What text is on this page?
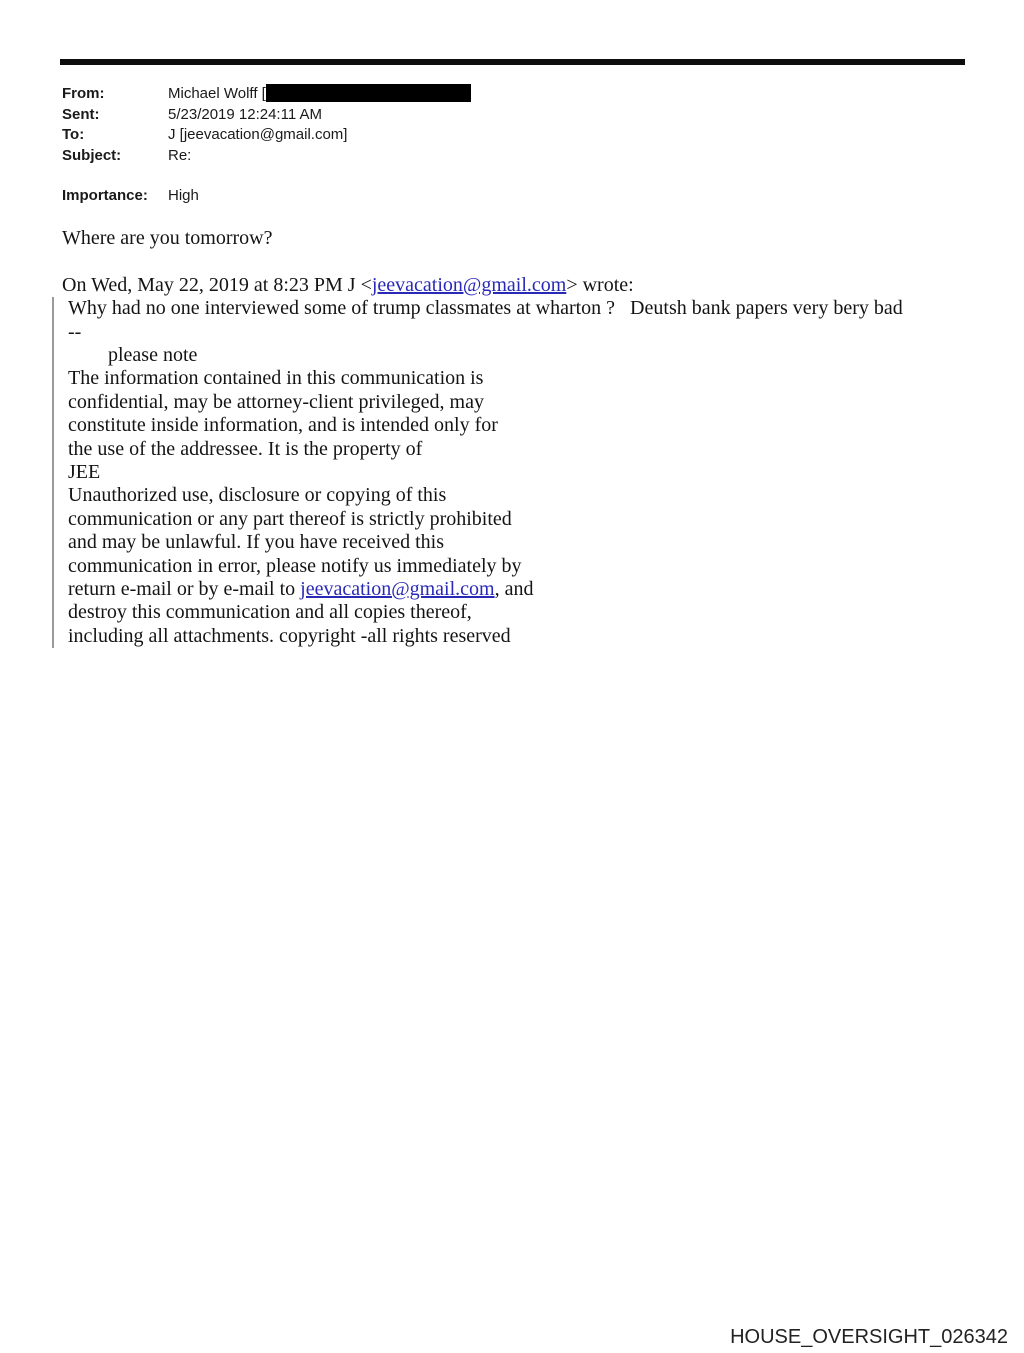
From:	Michael Wolff [
Sent:	5/23/2019 12:24:11 AM
To:	J [jeevacation@gmail.com]
Subject:	Re:
Importance:	High
Where are you tomorrow?
On Wed, May 22, 2019 at 8:23 PM J <jeevacation@gmail.com> wrote:
Why had no one interviewed some of trump classmates at wharton ?   Deutsh bank papers very bery bad
--
please note
The information contained in this communication is
confidential, may be attorney-client privileged, may
constitute inside information, and is intended only for
the use of the addressee. It is the property of
JEE
Unauthorized use, disclosure or copying of this
communication or any part thereof is strictly prohibited
and may be unlawful. If you have received this
communication in error, please notify us immediately by
return e-mail or by e-mail to jeevacation@gmail.com, and
destroy this communication and all copies thereof,
including all attachments. copyright -all rights reserved
HOUSE_OVERSIGHT_026342
